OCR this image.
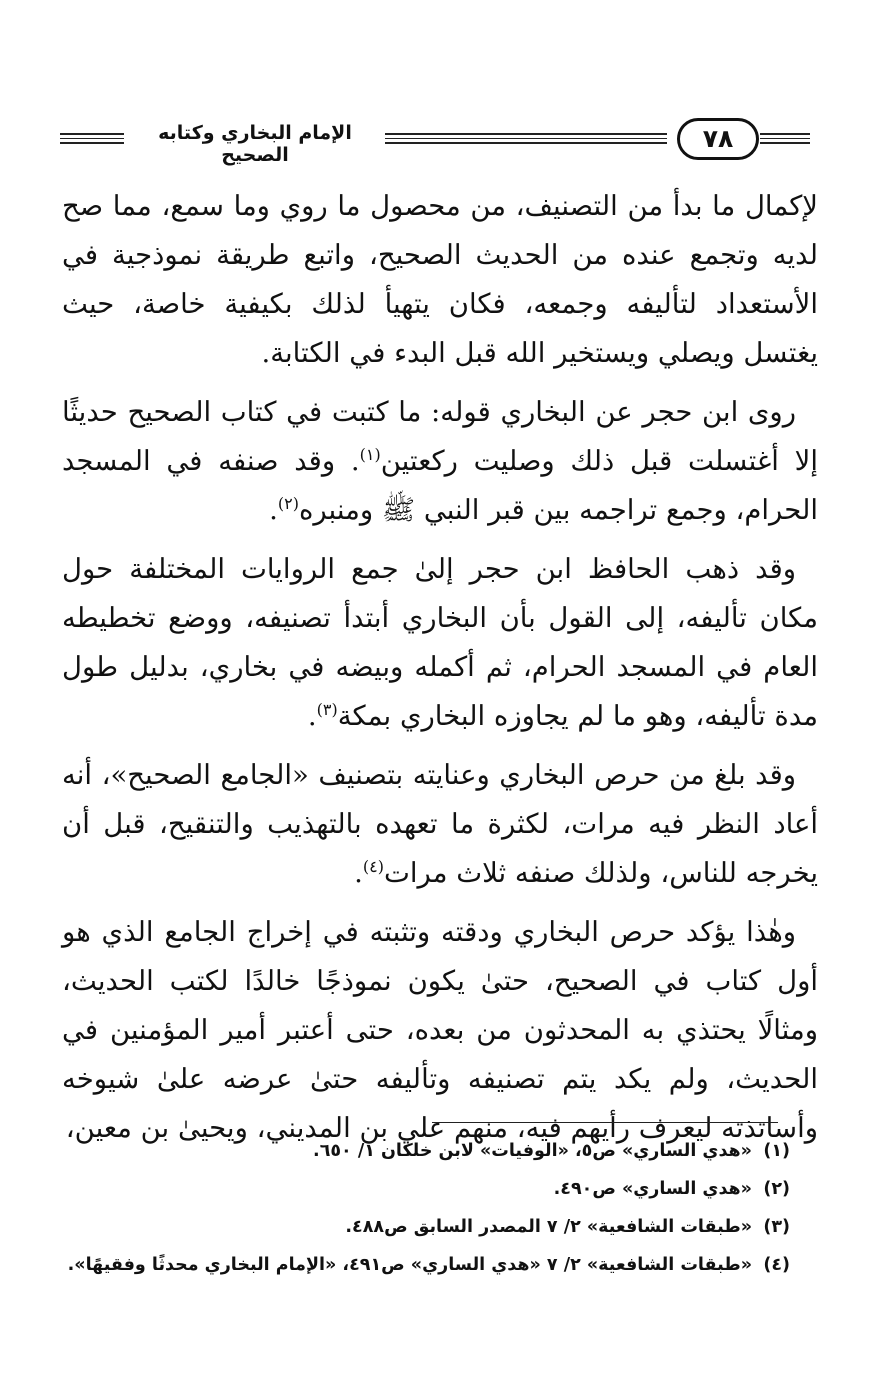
الإمام البخاري وكتابه الصحيح
٧٨

لإكمال ما بدأ من التصنيف، من محصول ما روي وما سمع، مما صح لديه وتجمع عنده من الحديث الصحيح، واتبع طريقة نموذجية في الأستعداد لتأليفه وجمعه، فكان يتهيأ لذلك بكيفية خاصة، حيث يغتسل ويصلي ويستخير الله قبل البدء في الكتابة.

روى ابن حجر عن البخاري قوله: ما كتبت في كتاب الصحيح حديثًا إلا أغتسلت قبل ذلك وصليت ركعتين$^{(١)}$. وقد صنفه في المسجد الحرام، وجمع تراجمه بين قبر النبي ﷺ ومنبره$^{(٢)}$.

وقد ذهب الحافظ ابن حجر إلىٰ جمع الروايات المختلفة حول مكان تأليفه، إلى القول بأن البخاري أبتدأ تصنيفه، ووضع تخطيطه العام في المسجد الحرام، ثم أكمله وبيضه في بخاري، بدليل طول مدة تأليفه، وهو ما لم يجاوزه البخاري بمكة$^{(٣)}$.

وقد بلغ من حرص البخاري وعنايته بتصنيف «الجامع الصحيح»، أنه أعاد النظر فيه مرات، لكثرة ما تعهده بالتهذيب والتنقيح، قبل أن يخرجه للناس، ولذلك صنفه ثلاث مرات$^{(٤)}$.

وهٰذا يؤكد حرص البخاري ودقته وتثبته في إخراج الجامع الذي هو أول كتاب في الصحيح، حتىٰ يكون نموذجًا خالدًا لكتب الحديث، ومثالًا يحتذي به المحدثون من بعده، حتى أعتبر أمير المؤمنين في الحديث، ولم يكد يتم تصنيفه وتأليفه حتىٰ عرضه علىٰ شيوخه وأساتذته ليعرف رأيهم فيه، منهم علي بن المديني، ويحيىٰ بن معين،

(١)«هدي الساري» ص٥، «الوفيات» لابن خلكان ١/ ٦٥٠.
(٢)«هدي الساري» ص٤٩٠.
(٣)«طبقات الشافعية» ٢/ ٧ المصدر السابق ص٤٨٨.
(٤)«طبقات الشافعية» ٢/ ٧ «هدي الساري» ص٤٩١، «الإمام البخاري محدثًا وفقيهًا».
